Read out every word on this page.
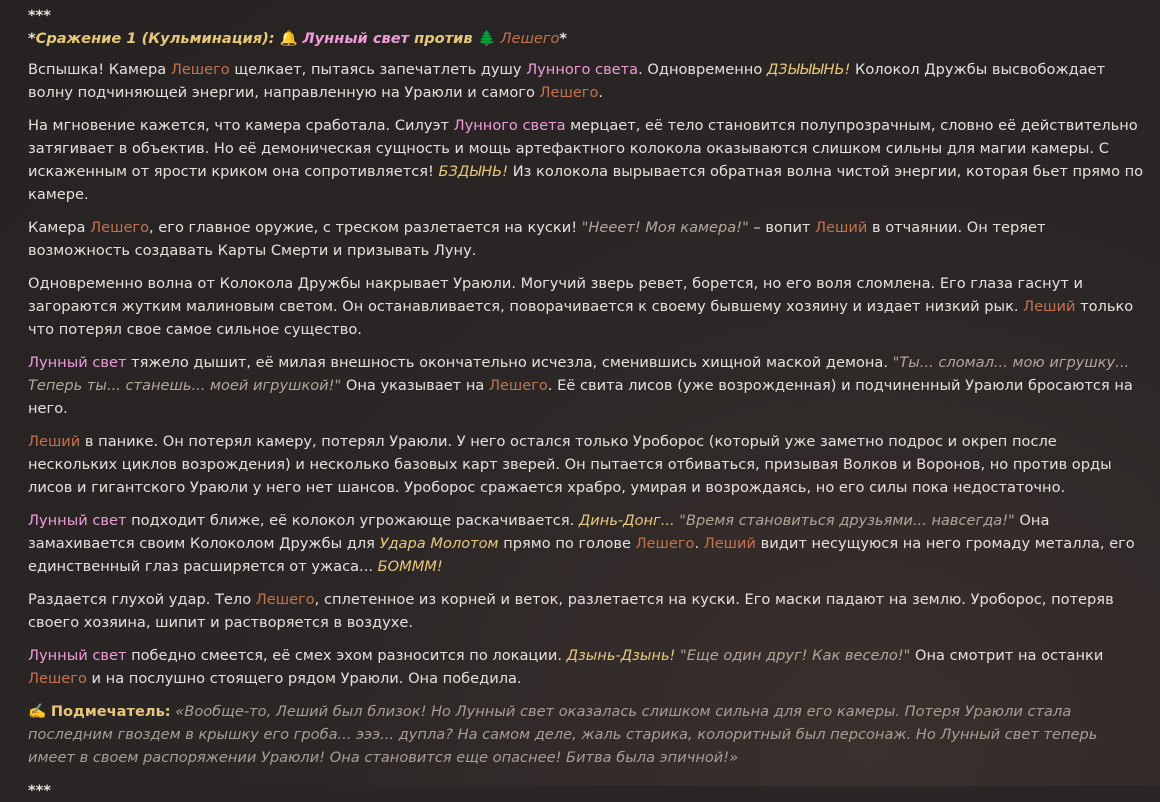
***
*Сражение 1 (Кульминация): 🔔 Лунный свет против 🌲 Лешего*
Вспышка! Камера Лешего щелкает, пытаясь запечатлеть душу Лунного света. Одновременно ДЗЫЫЫНЬ! Колокол Дружбы высвобождает волну подчиняющей энергии, направленную на Ураюли и самого Лешего.
На мгновение кажется, что камера сработала. Силуэт Лунного света мерцает, её тело становится полупрозрачным, словно её действительно затягивает в объектив. Но её демоническая сущность и мощь артефактного колокола оказываются слишком сильны для магии камеры. С искаженным от ярости криком она сопротивляется! БЗДЫНЬ! Из колокола вырывается обратная волна чистой энергии, которая бьет прямо по камере.
Камера Лешего, его главное оружие, с треском разлетается на куски! "Нееет! Моя камера!" – вопит Леший в отчаянии. Он теряет возможность создавать Карты Смерти и призывать Луну.
Одновременно волна от Колокола Дружбы накрывает Ураюли. Могучий зверь ревет, борется, но его воля сломлена. Его глаза гаснут и загораются жутким малиновым светом. Он останавливается, поворачивается к своему бывшему хозяину и издает низкий рык. Леший только что потерял свое самое сильное существо.
Лунный свет тяжело дышит, её милая внешность окончательно исчезла, сменившись хищной маской демона. "Ты... сломал... мою игрушку... Теперь ты... станешь... моей игрушкой!" Она указывает на Лешего. Её свита лисов (уже возрожденная) и подчиненный Ураюли бросаются на него.
Леший в панике. Он потерял камеру, потерял Ураюли. У него остался только Уроборос (который уже заметно подрос и окреп после нескольких циклов возрождения) и несколько базовых карт зверей. Он пытается отбиваться, призывая Волков и Воронов, но против орды лисов и гигантского Ураюли у него нет шансов. Уроборос сражается храбро, умирая и возрождаясь, но его силы пока недостаточно.
Лунный свет подходит ближе, её колокол угрожающе раскачивается. Динь-Донг... "Время становиться друзьями... навсегда!" Она замахивается своим Колоколом Дружбы для Удара Молотом прямо по голове Лешего. Леший видит несущуюся на него громаду металла, его единственный глаз расширяется от ужаса... БОМММ!
Раздается глухой удар. Тело Лешего, сплетенное из корней и веток, разлетается на куски. Его маски падают на землю. Уроборос, потеряв своего хозяина, шипит и растворяется в воздухе.
Лунный свет победно смеется, её смех эхом разносится по локации. Дзынь-Дзынь! "Еще один друг! Как весело!" Она смотрит на останки Лешего и на послушно стоящего рядом Ураюли. Она победила.
✍️ Подмечатель: «Вообще-то, Леший был близок! Но Лунный свет оказалась слишком сильна для его камеры. Потеря Ураюли стала последним гвоздем в крышку его гроба... эээ... дупла? На самом деле, жаль старика, колоритный был персонаж. Но Лунный свет теперь имеет в своем распоряжении Ураюли! Она становится еще опаснее! Битва была эпичной!»
***
